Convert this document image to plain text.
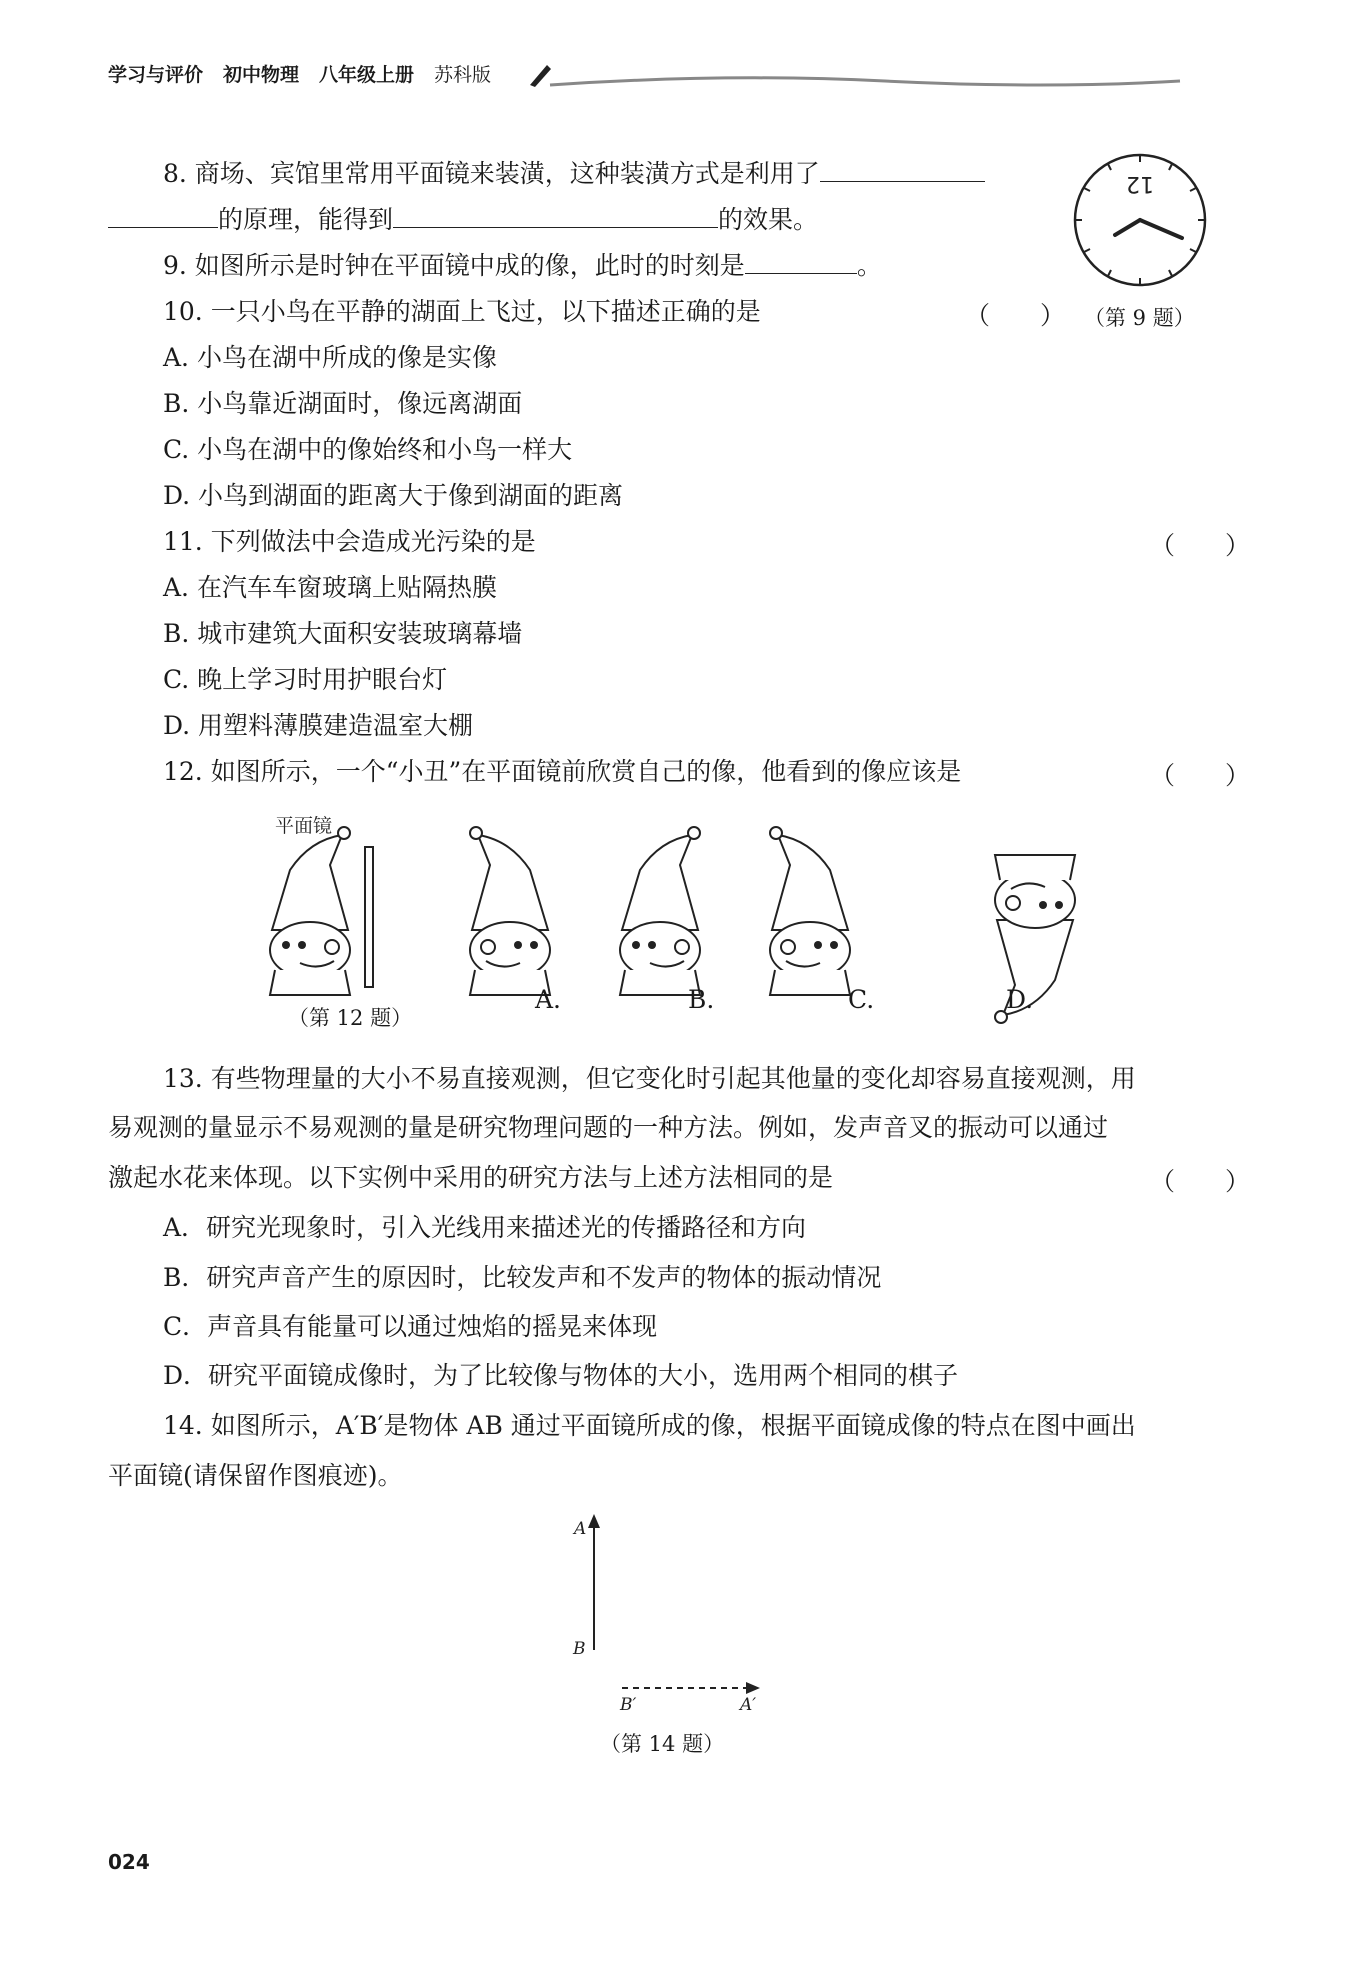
学习与评价 初中物理 八年级上册 苏科版
8. 商场、宾馆里常用平面镜来装潢，这种装潢方式是利用了
的原理，能得到	的效果。
9. 如图所示是时钟在平面镜中成的像，此时的时刻是	。
12
（第 9 题）
10. 一只小鸟在平静的湖面上飞过，以下描述正确的是	（　　）
A. 小鸟在湖中所成的像是实像
B. 小鸟靠近湖面时，像远离湖面
C. 小鸟在湖中的像始终和小鸟一样大
D. 小鸟到湖面的距离大于像到湖面的距离
11. 下列做法中会造成光污染的是	（　　）
A. 在汽车车窗玻璃上贴隔热膜
B. 城市建筑大面积安装玻璃幕墙
C. 晚上学习时用护眼台灯
D. 用塑料薄膜建造温室大棚
12. 如图所示，一个“小丑”在平面镜前欣赏自己的像，他看到的像应该是	（　　）
平面镜
（第 12 题）
A.	B.	C.	D.
13. 有些物理量的大小不易直接观测，但它变化时引起其他量的变化却容易直接观测，用
易观测的量显示不易观测的量是研究物理问题的一种方法。例如，发声音叉的振动可以通过
激起水花来体现。以下实例中采用的研究方法与上述方法相同的是	（　　）
A．研究光现象时，引入光线用来描述光的传播路径和方向
B．研究声音产生的原因时，比较发声和不发声的物体的振动情况
C．声音具有能量可以通过烛焰的摇晃来体现
D．研究平面镜成像时，为了比较像与物体的大小，选用两个相同的棋子
14. 如图所示，A′B′是物体 AB 通过平面镜所成的像，根据平面镜成像的特点在图中画出
平面镜(请保留作图痕迹)。
A
B
B′	A′
（第 14 题）
024
